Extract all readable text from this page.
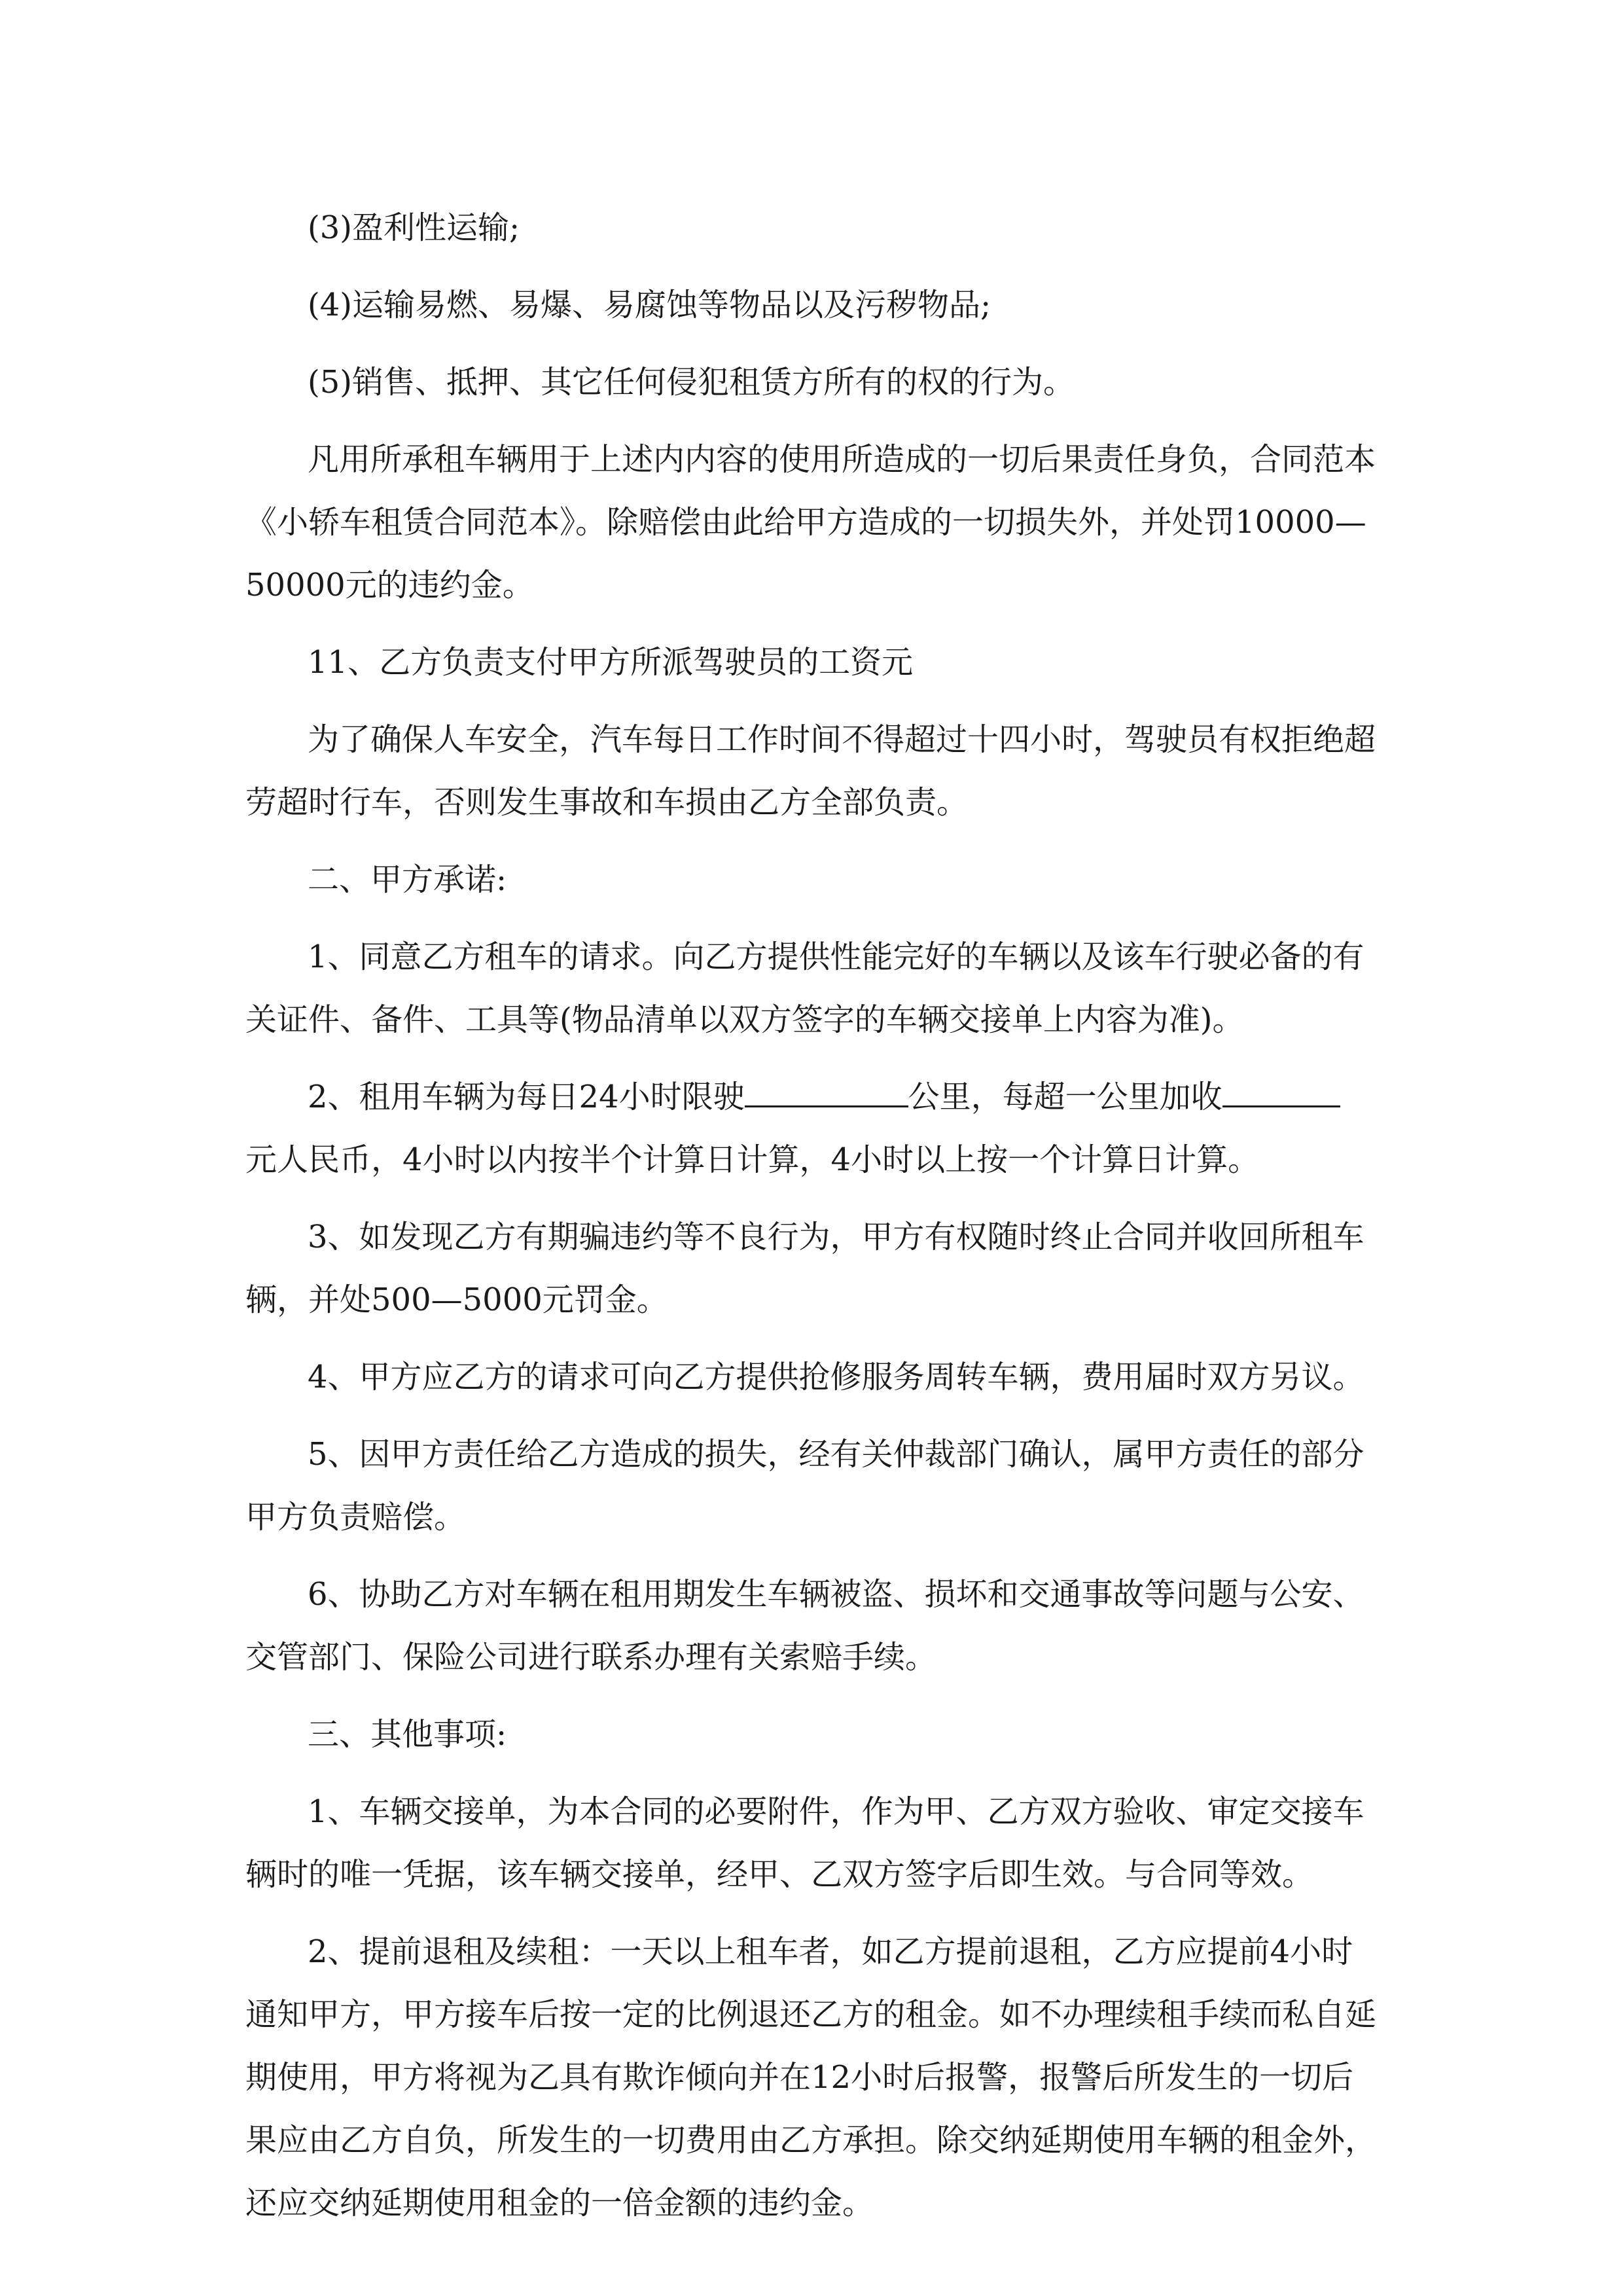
(3)盈利性运输;

(4)运输易燃、易爆、易腐蚀等物品以及污秽物品;

(5)销售、抵押、其它任何侵犯租赁方所有的权的行为。

凡用所承租车辆用于上述内内容的使用所造成的一切后果责任身负，合同范本《小轿车租赁合同范本》。除赔偿由此给甲方造成的一切损失外，并处罚10000—50000元的违约金。

11、乙方负责支付甲方所派驾驶员的工资元

为了确保人车安全，汽车每日工作时间不得超过十四小时，驾驶员有权拒绝超劳超时行车，否则发生事故和车损由乙方全部负责。

二、甲方承诺:

1、同意乙方租车的请求。向乙方提供性能完好的车辆以及该车行驶必备的有关证件、备件、工具等(物品清单以双方签字的车辆交接单上内容为准)。

2、租用车辆为每日24小时限驶	公里，每超一公里加收
元人民币，4小时以内按半个计算日计算，4小时以上按一个计算日计算。

3、如发现乙方有期骗违约等不良行为，甲方有权随时终止合同并收回所租车辆，并处500—5000元罚金。

4、甲方应乙方的请求可向乙方提供抢修服务周转车辆，费用届时双方另议。

5、因甲方责任给乙方造成的损失，经有关仲裁部门确认，属甲方责任的部分甲方负责赔偿。

6、协助乙方对车辆在租用期发生车辆被盗、损坏和交通事故等问题与公安、交管部门、保险公司进行联系办理有关索赔手续。

三、其他事项:

1、车辆交接单，为本合同的必要附件，作为甲、乙方双方验收、审定交接车辆时的唯一凭据，该车辆交接单，经甲、乙双方签字后即生效。与合同等效。

2、提前退租及续租：一天以上租车者，如乙方提前退租，乙方应提前4小时通知甲方，甲方接车后按一定的比例退还乙方的租金。如不办理续租手续而私自延期使用，甲方将视为乙具有欺诈倾向并在12小时后报警，报警后所发生的一切后果应由乙方自负，所发生的一切费用由乙方承担。除交纳延期使用车辆的租金外，还应交纳延期使用租金的一倍金额的违约金。
